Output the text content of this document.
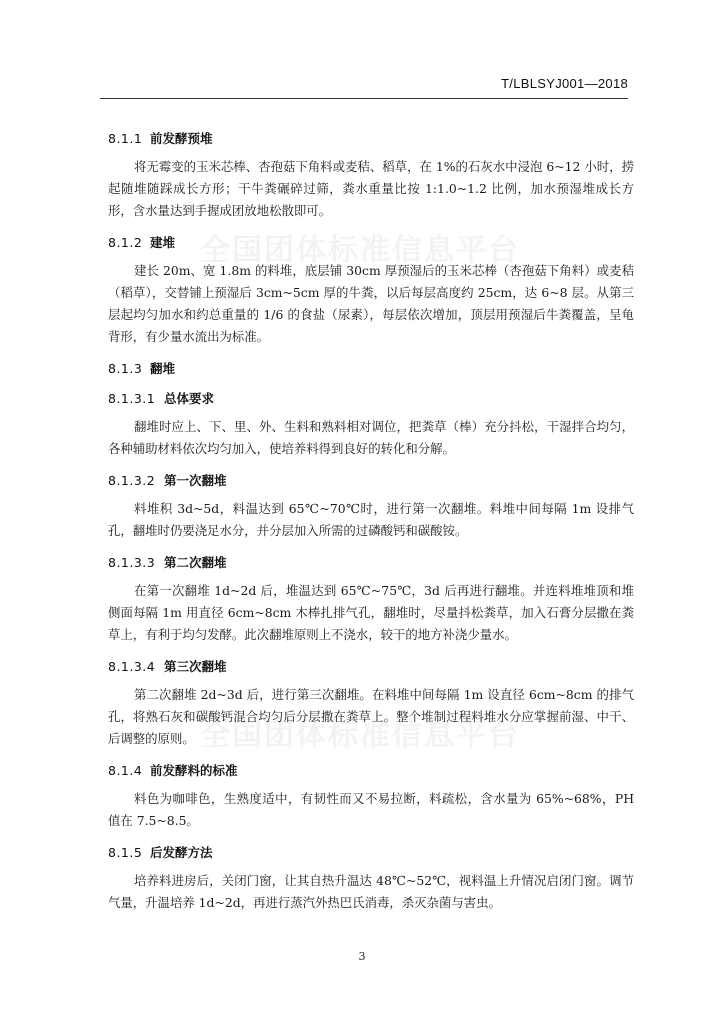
T/LBLSYJ001—2018
全国团体标准信息平台
全国团体标准信息平台
8.1.1 前发酵预堆

将无霉变的玉米芯棒、杏孢菇下角料或麦秸、稻草，在 1%的石灰水中浸泡 6~12 小时，捞起随堆随踩成长方形；干牛粪碾碎过筛，粪水重量比按 1:1.0~1.2 比例，加水预湿堆成长方形，含水量达到手握成团放地松散即可。

8.1.2 建堆

建长 20m、宽 1.8m 的料堆，底层铺 30cm 厚预湿后的玉米芯棒（杏孢菇下角料）或麦秸（稻草），交替铺上预湿后 3cm~5cm 厚的牛粪，以后每层高度约 25cm，达 6~8 层。从第三层起均匀加水和约总重量的 1/6 的食盐（尿素），每层依次增加，顶层用预湿后牛粪覆盖，呈龟背形，有少量水流出为标准。

8.1.3 翻堆
8.1.3.1 总体要求

翻堆时应上、下、里、外、生料和熟料相对调位，把粪草（棒）充分抖松，干湿拌合均匀，各种辅助材料依次均匀加入，使培养料得到良好的转化和分解。

8.1.3.2 第一次翻堆

料堆积 3d~5d，料温达到 65℃~70℃时，进行第一次翻堆。料堆中间每隔 1m 设排气孔，翻堆时仍要浇足水分，并分层加入所需的过磷酸钙和碳酸铵。

8.1.3.3 第二次翻堆

在第一次翻堆 1d~2d 后，堆温达到 65℃~75℃，3d 后再进行翻堆。并连料堆堆顶和堆侧面每隔 1m 用直径 6cm~8cm 木棒扎排气孔，翻堆时，尽量抖松粪草，加入石膏分层撒在粪草上，有利于均匀发酵。此次翻堆原则上不浇水，较干的地方补浇少量水。

8.1.3.4 第三次翻堆

第二次翻堆 2d~3d 后，进行第三次翻堆。在料堆中间每隔 1m 设直径 6cm~8cm 的排气孔，将熟石灰和碳酸钙混合均匀后分层撒在粪草上。整个堆制过程料堆水分应掌握前湿、中干、后调整的原则。

8.1.4 前发酵料的标准

料色为咖啡色，生熟度适中，有韧性而又不易拉断，料疏松，含水量为 65%~68%，PH 值在 7.5~8.5。

8.1.5 后发酵方法

培养料进房后，关闭门窗，让其自热升温达 48℃~52℃，视料温上升情况启闭门窗。调节气量，升温培养 1d~2d，再进行蒸汽外热巴氏消毒，杀灭杂菌与害虫。

3
